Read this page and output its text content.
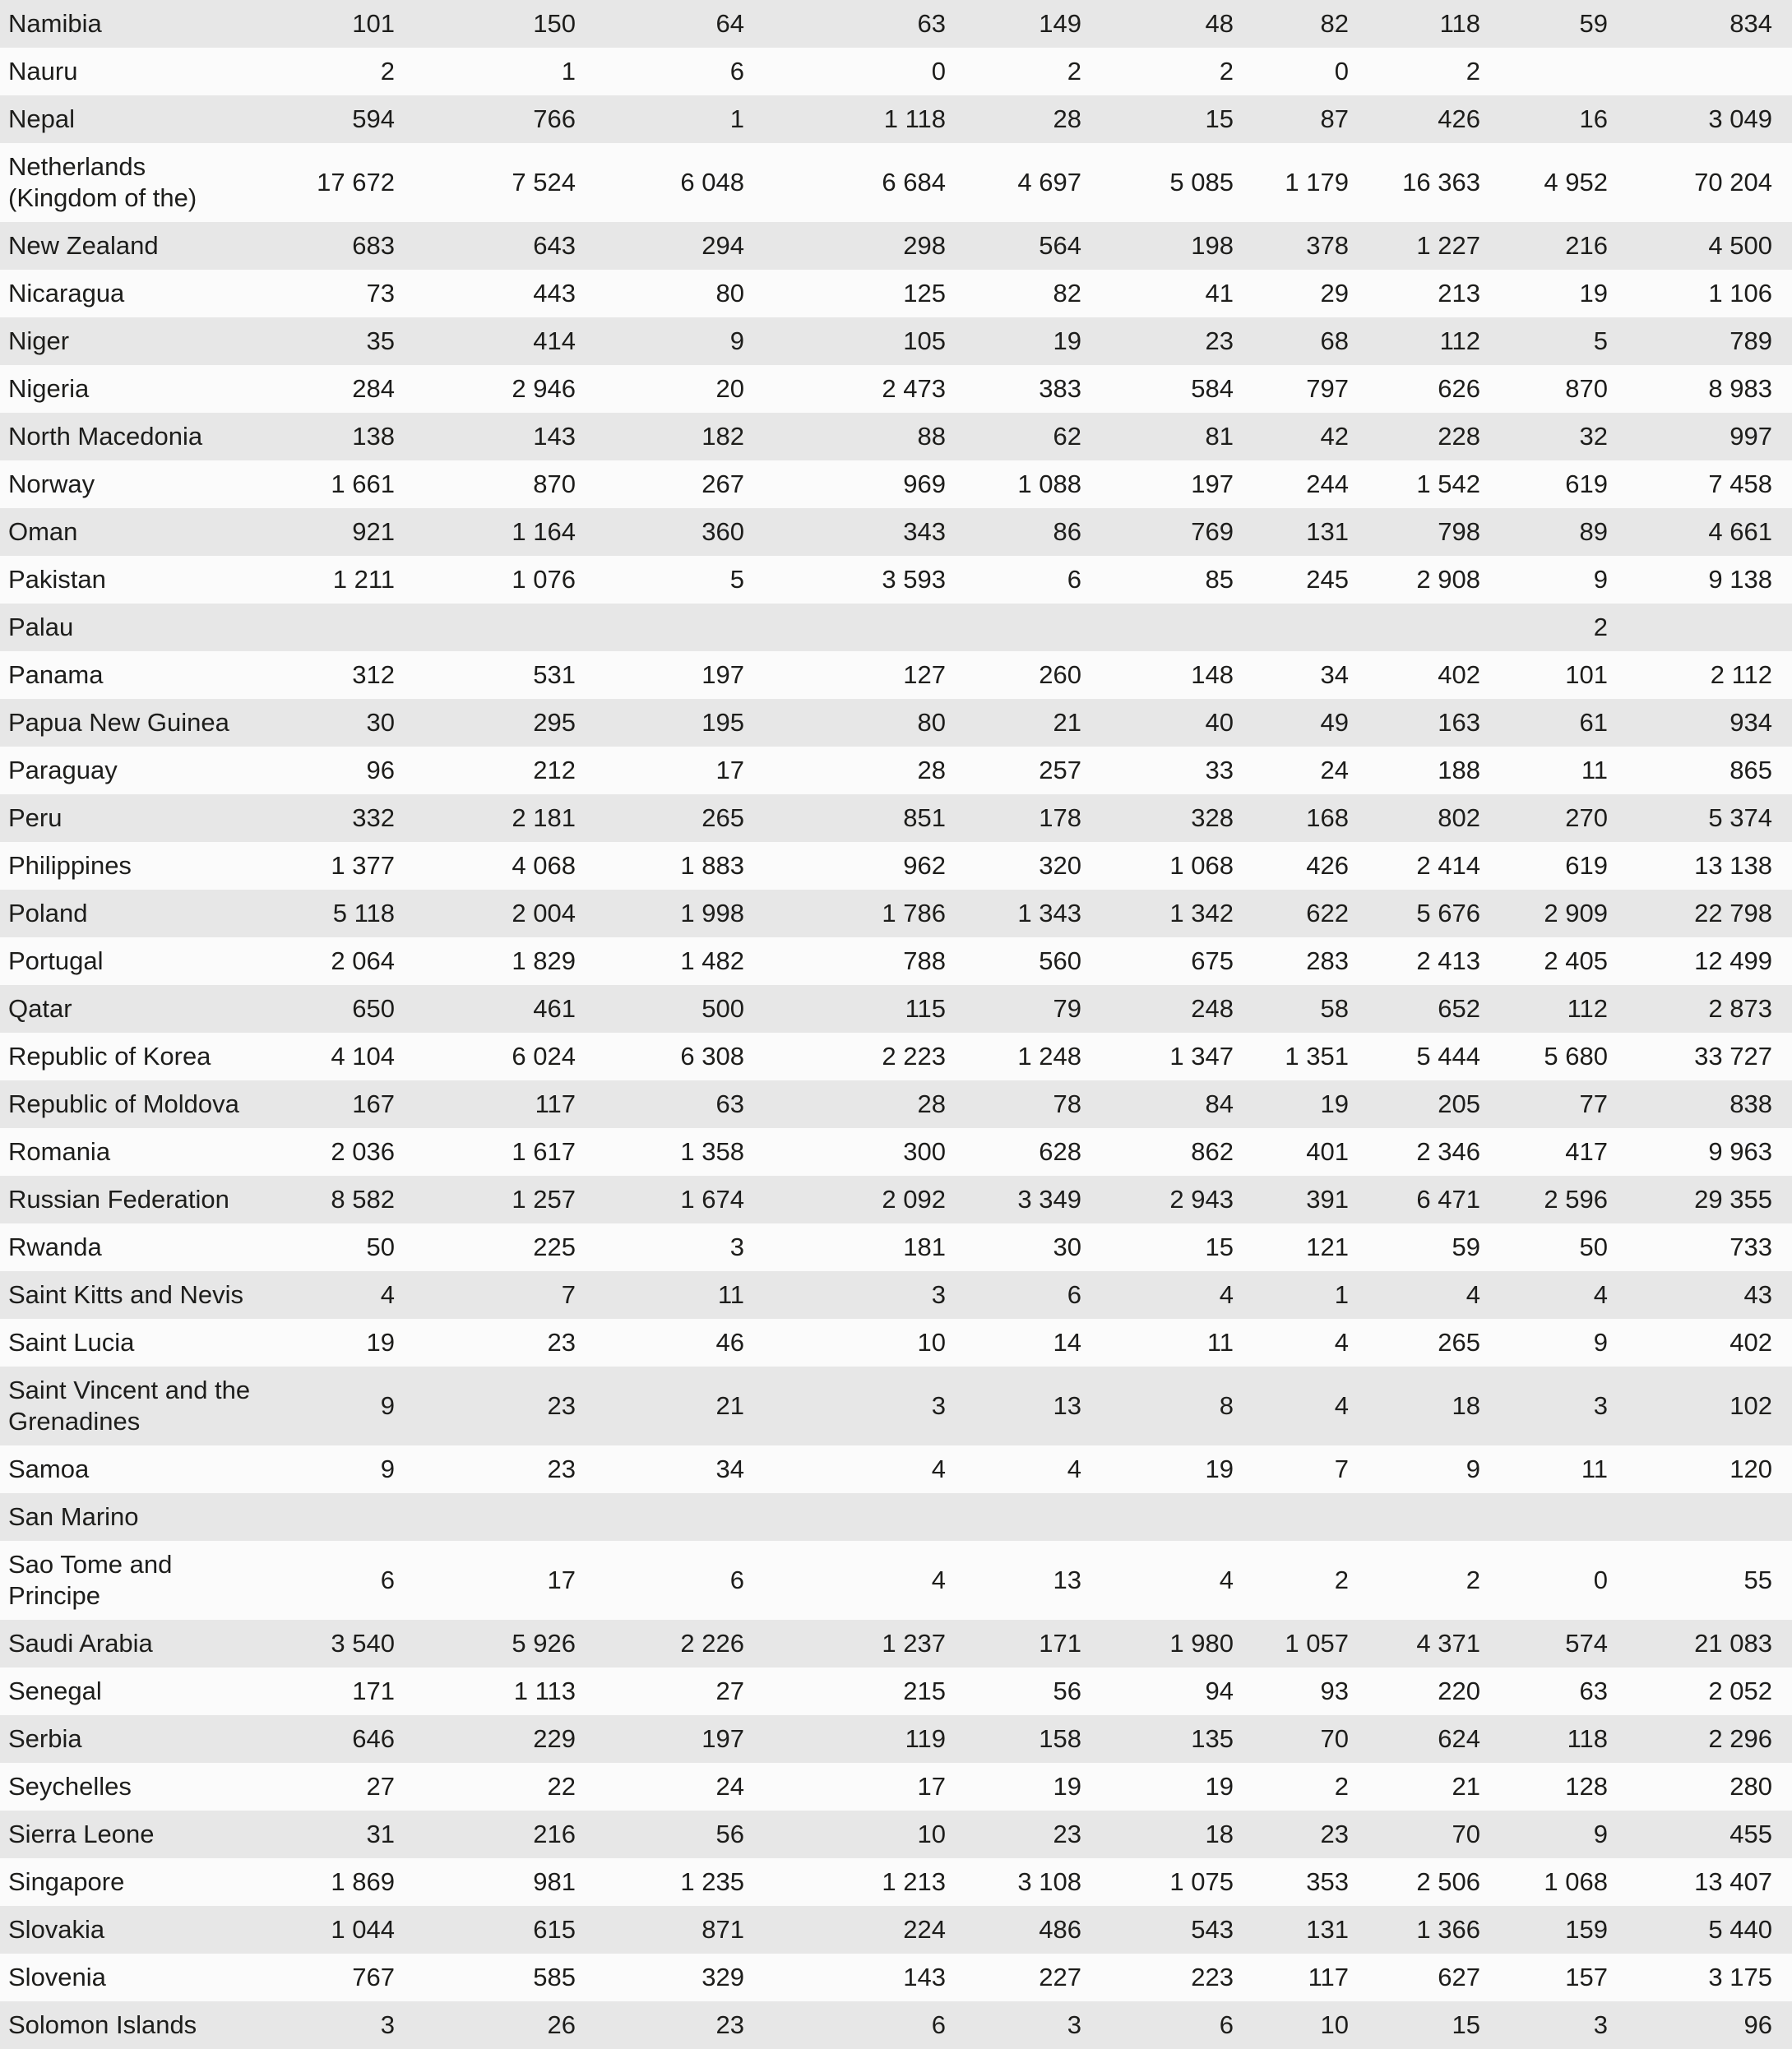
Namibia	101	150	64	63	149	48	82	118	59	834
Nauru	2	1	6	0	2	2	0	2		
Nepal	594	766	1	1 118	28	15	87	426	16	3 049
Netherlands (Kingdom of the)	17 672	7 524	6 048	6 684	4 697	5 085	1 179	16 363	4 952	70 204
New Zealand	683	643	294	298	564	198	378	1 227	216	4 500
Nicaragua	73	443	80	125	82	41	29	213	19	1 106
Niger	35	414	9	105	19	23	68	112	5	789
Nigeria	284	2 946	20	2 473	383	584	797	626	870	8 983
North Macedonia	138	143	182	88	62	81	42	228	32	997
Norway	1 661	870	267	969	1 088	197	244	1 542	619	7 458
Oman	921	1 164	360	343	86	769	131	798	89	4 661
Pakistan	1 211	1 076	5	3 593	6	85	245	2 908	9	9 138
Palau									2	
Panama	312	531	197	127	260	148	34	402	101	2 112
Papua New Guinea	30	295	195	80	21	40	49	163	61	934
Paraguay	96	212	17	28	257	33	24	188	11	865
Peru	332	2 181	265	851	178	328	168	802	270	5 374
Philippines	1 377	4 068	1 883	962	320	1 068	426	2 414	619	13 138
Poland	5 118	2 004	1 998	1 786	1 343	1 342	622	5 676	2 909	22 798
Portugal	2 064	1 829	1 482	788	560	675	283	2 413	2 405	12 499
Qatar	650	461	500	115	79	248	58	652	112	2 873
Republic of Korea	4 104	6 024	6 308	2 223	1 248	1 347	1 351	5 444	5 680	33 727
Republic of Moldova	167	117	63	28	78	84	19	205	77	838
Romania	2 036	1 617	1 358	300	628	862	401	2 346	417	9 963
Russian Federation	8 582	1 257	1 674	2 092	3 349	2 943	391	6 471	2 596	29 355
Rwanda	50	225	3	181	30	15	121	59	50	733
Saint Kitts and Nevis	4	7	11	3	6	4	1	4	4	43
Saint Lucia	19	23	46	10	14	11	4	265	9	402
Saint Vincent and the Grenadines	9	23	21	3	13	8	4	18	3	102
Samoa	9	23	34	4	4	19	7	9	11	120
San Marino										
Sao Tome and Principe	6	17	6	4	13	4	2	2	0	55
Saudi Arabia	3 540	5 926	2 226	1 237	171	1 980	1 057	4 371	574	21 083
Senegal	171	1 113	27	215	56	94	93	220	63	2 052
Serbia	646	229	197	119	158	135	70	624	118	2 296
Seychelles	27	22	24	17	19	19	2	21	128	280
Sierra Leone	31	216	56	10	23	18	23	70	9	455
Singapore	1 869	981	1 235	1 213	3 108	1 075	353	2 506	1 068	13 407
Slovakia	1 044	615	871	224	486	543	131	1 366	159	5 440
Slovenia	767	585	329	143	227	223	117	627	157	3 175
Solomon Islands	3	26	23	6	3	6	10	15	3	96
